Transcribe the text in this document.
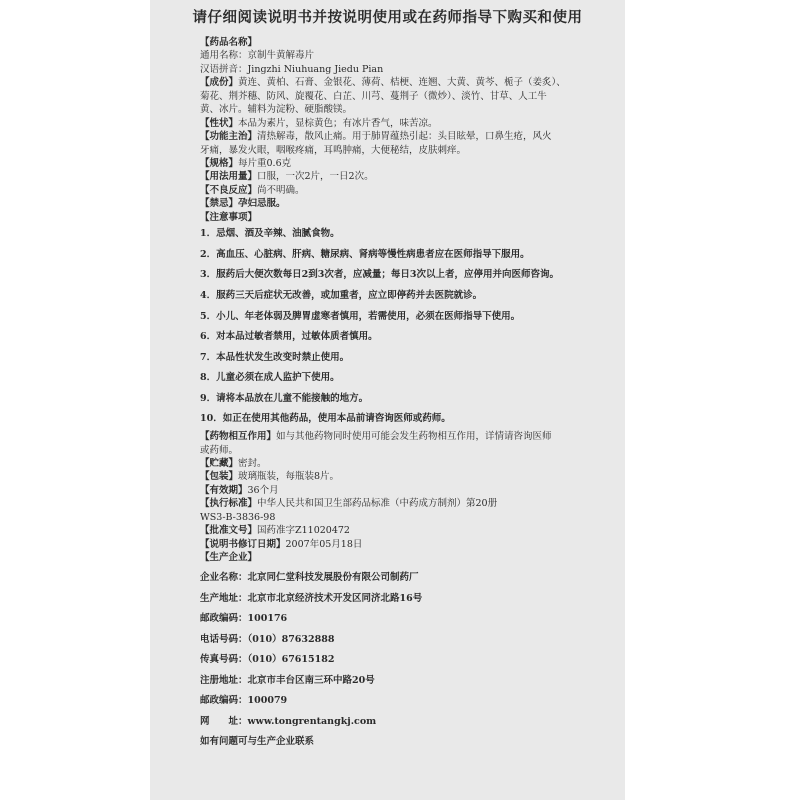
请仔细阅读说明书并按说明使用或在药师指导下购买和使用
【药品名称】
通用名称：京制牛黄解毒片
汉语拼音：Jingzhi Niuhuang Jiedu Pian
【成份】黄连、黄柏、石膏、金银花、薄荷、桔梗、连翘、大黄、黄芩、栀子（姜炙）、
菊花、荆芥穗、防风、旋覆花、白芷、川芎、蔓荆子（微炒）、淡竹、甘草、人工牛
黄、冰片。辅料为淀粉、硬脂酸镁。
【性状】本品为素片，显棕黄色；有冰片香气，味苦凉。
【功能主治】清热解毒，散风止痛。用于肺胃蕴热引起：头目眩晕，口鼻生疮，风火
牙痛，暴发火眼，咽喉疼痛，耳鸣肿痛，大便秘结，皮肤刺痒。
【规格】每片重0.6克
【用法用量】口服，一次2片，一日2次。
【不良反应】尚不明确。
【禁忌】孕妇忌服。
【注意事项】
1．忌烟、酒及辛辣、油腻食物。
2．高血压、心脏病、肝病、糖尿病、肾病等慢性病患者应在医师指导下服用。
3．服药后大便次数每日2到3次者，应减量；每日3次以上者，应停用并向医师咨询。
4．服药三天后症状无改善，或加重者，应立即停药并去医院就诊。
5．小儿、年老体弱及脾胃虚寒者慎用，若需使用，必须在医师指导下使用。
6．对本品过敏者禁用，过敏体质者慎用。
7．本品性状发生改变时禁止使用。
8．儿童必须在成人监护下使用。
9．请将本品放在儿童不能接触的地方。
10．如正在使用其他药品，使用本品前请咨询医师或药师。
【药物相互作用】如与其他药物同时使用可能会发生药物相互作用，详情请咨询医师
或药师。
【贮藏】密封。
【包装】玻璃瓶装，每瓶装8片。
【有效期】36个月
【执行标准】中华人民共和国卫生部药品标准（中药成方制剂）第20册
WS3-B-3836-98
【批准文号】国药准字Z11020472
【说明书修订日期】2007年05月18日
【生产企业】
企业名称：北京同仁堂科技发展股份有限公司制药厂
生产地址：北京市北京经济技术开发区同济北路16号
邮政编码：100176
电话号码：（010）87632888
传真号码：（010）67615182
注册地址：北京市丰台区南三环中路20号
邮政编码：100079
网　　址：www.tongrentangkj.com
如有问题可与生产企业联系
